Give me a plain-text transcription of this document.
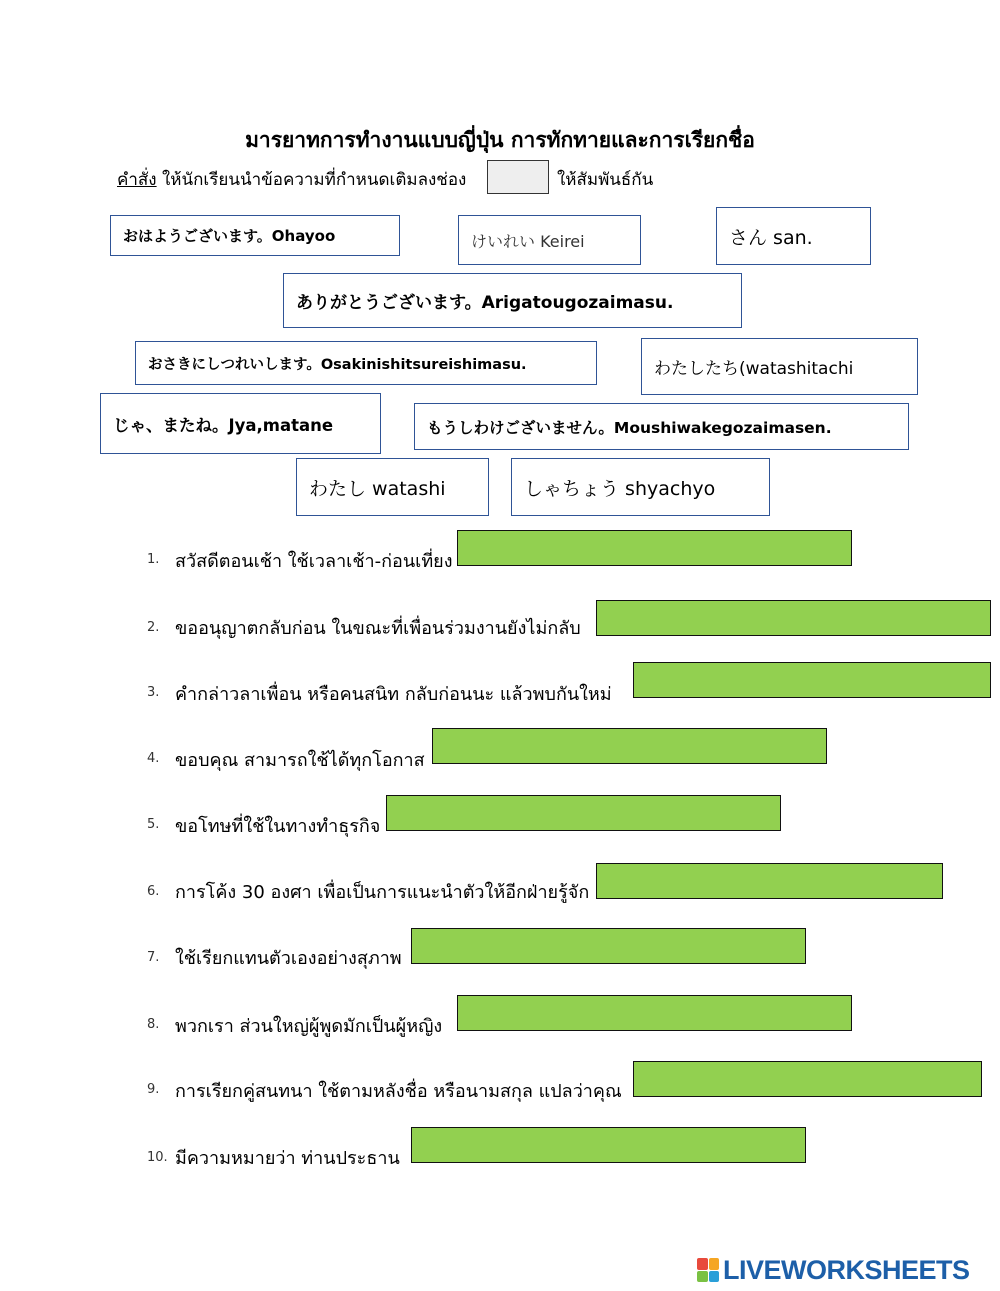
มารยาทการทำงานแบบญี่ปุ่น การทักทายและการเรียกชื่อ
คำสั่ง ให้นักเรียนนำข้อความที่กำหนดเติมลงช่อง	ให้สัมพันธ์กัน
おはようございます。Ohayoo	けいれい Keirei	さん san.
ありがとうございます。Arigatougozaimasu.
おさきにしつれいします。Osakinishitsureishimasu.	わたしたち(watashitachi
じゃ、またね。Jya,matane	もうしわけございません。Moushiwakegozaimasen.
わたし watashi	しゃちょう shyachyo
1. สวัสดีตอนเช้า ใช้เวลาเช้า-ก่อนเที่ยง
2. ขออนุญาตกลับก่อน ในขณะที่เพื่อนร่วมงานยังไม่กลับ
3. คำกล่าวลาเพื่อน หรือคนสนิท กลับก่อนนะ แล้วพบกันใหม่
4. ขอบคุณ สามารถใช้ได้ทุกโอกาส
5. ขอโทษที่ใช้ในทางทำธุรกิจ
6. การโค้ง 30 องศา เพื่อเป็นการแนะนำตัวให้อีกฝ่ายรู้จัก
7. ใช้เรียกแทนตัวเองอย่างสุภาพ
8. พวกเรา ส่วนใหญ่ผู้พูดมักเป็นผู้หญิง
9. การเรียกคู่สนทนา ใช้ตามหลังชื่อ หรือนามสกุล แปลว่าคุณ
10. มีความหมายว่า ท่านประธาน
LIVEWORKSHEETS
